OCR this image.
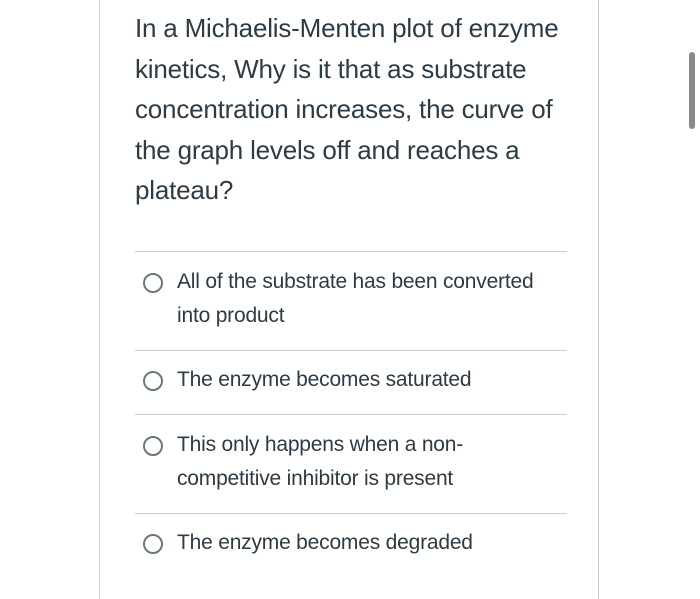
In a Michaelis-Menten plot of enzyme kinetics, Why is it that as substrate concentration increases, the curve of the graph levels off and reaches a plateau?

All of the substrate has been converted into product
The enzyme becomes saturated
This only happens when a non-competitive inhibitor is present
The enzyme becomes degraded
